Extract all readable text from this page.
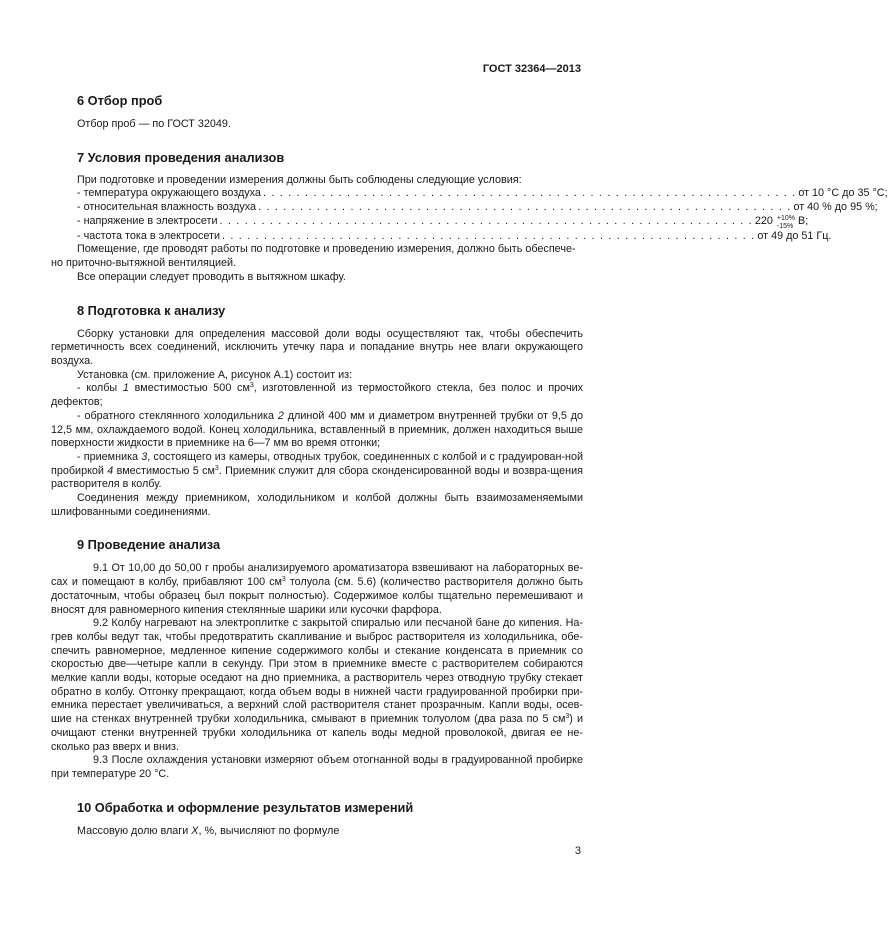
ГОСТ 32364—2013
6 Отбор проб

Отбор проб — по ГОСТ 32049.

7 Условия проведения анализов

При подготовке и проведении измерения должны быть соблюдены следующие условия:

- температура окружающего воздуха . . . . . . . . . . . . . . . . . . . . . . . . . . . . . . . . . . . . . . . . . . . . . . . . . . . . . . . . . . . . . . . . от 10 °С до 35 °С;
- относительная влажность воздуха . . . . . . . . . . . . . . . . . . . . . . . . . . . . . . . . . . . . . . . . . . . . . . . . . . . . . . . . . . . . . . . . от 40 % до 95 %;
- напряжение в электросети . . . . . . . . . . . . . . . . . . . . . . . . . . . . . . . . . . . . . . . . . . . . . . . . . . . . . . . . . . . . . . . . 220 +10%
-15% В;
- частота тока в электросети . . . . . . . . . . . . . . . . . . . . . . . . . . . . . . . . . . . . . . . . . . . . . . . . . . . . . . . . . . . . . . . . от 49 до 51 Гц.

Помещение, где проводят работы по подготовке и проведению измерения, должно быть обеспече-

но приточно-вытяжной вентиляцией.

Все операции следует проводить в вытяжном шкафу.

8 Подготовка к анализу

Сборку установки для определения массовой доли воды осуществляют так, чтобы обеспечить герметичность всех соединений, исключить утечку пара и попадание внутрь нее влаги окружающего воздуха.

Установка (см. приложение А, рисунок А.1) состоит из:

- колбы 1 вместимостью 500 $см^3$, изготовленной из термостойкого стекла, без полос и прочих дефектов;

- обратного стеклянного холодильника 2 длиной 400 мм и диаметром внутренней трубки от 9,5 до 12,5 мм, охлаждаемого водой. Конец холодильника, вставленный в приемник, должен находиться выше поверхности жидкости в приемнике на 6—7 мм во время отгонки;

- приемника 3, состоящего из камеры, отводных трубок, соединенных с колбой и с градуирован-ной пробиркой 4 вместимостью 5 $см^3$. Приемник служит для сбора сконденсированной воды и возвра-щения растворителя в колбу.

Соединения между приемником, холодильником и колбой должны быть взаимозаменяемыми шлифованными соединениями.

9 Проведение анализа

9.1 От 10,00 до 50,00 г пробы анализируемого ароматизатора взвешивают на лабораторных ве-сах и помещают в колбу, прибавляют 100 $см^3$ толуола (см. 5.6) (количество растворителя должно быть достаточным, чтобы образец был покрыт полностью). Содержимое колбы тщательно перемешивают и вносят для равномерного кипения стеклянные шарики или кусочки фарфора.

9.2 Колбу нагревают на электроплитке с закрытой спиралью или песчаной бане до кипения. На-грев колбы ведут так, чтобы предотвратить скапливание и выброс растворителя из холодильника, обе-спечить равномерное, медленное кипение содержимого колбы и стекание конденсата в приемник со скоростью две—четыре капли в секунду. При этом в приемнике вместе с растворителем собираются мелкие капли воды, которые оседают на дно приемника, а растворитель через отводную трубку стекает обратно в колбу. Отгонку прекращают, когда объем воды в нижней части градуированной пробирки при-емника перестает увеличиваться, а верхний слой растворителя станет прозрачным. Капли воды, осев-шие на стенках внутренней трубки холодильника, смывают в приемник толуолом (два раза по 5 $см^3$) и очищают стенки внутренней трубки холодильника от капель воды медной проволокой, двигая ее не-сколько раз вверх и вниз.

9.3 После охлаждения установки измеряют объем отогнанной воды в градуированной пробирке при температуре 20 °С.

10 Обработка и оформление результатов измерений

Массовую долю влаги X, %, вычисляют по формуле

3
